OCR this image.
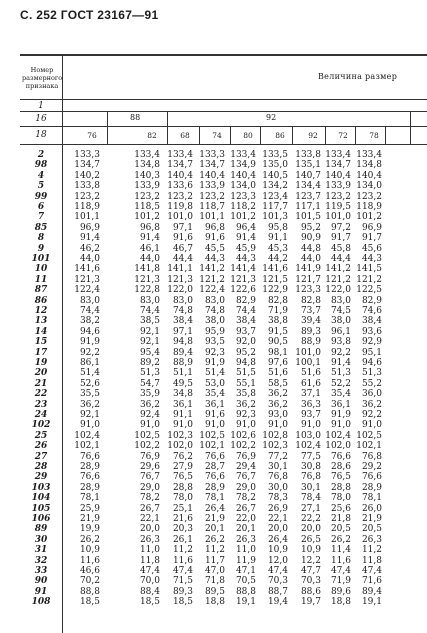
С. 252 ГОСТ 23167—91
Номер
размерного
признака
Величина размер
1
16
18
88	92
76	82	68	74	80	86	92	72	78
2	133,3	133,4 133,4 133,3 133,4 133,5 133,8 133,4 133,4
98	134,7	134,8 134,7 134,7 134,9 135,0 135,1 134,7 134,8
4	140,2	140,3 140,4 140,4 140,4 140,5 140,7 140,4 140,4
5	133,8	133,9 133,6 133,9 134,0 134,2 134,4 133,9 134,0
99	123,2	123,2 123,2 123,2 123,3 123,4 123,7 123,2 123,2
6	118,9	118,5 119,8 118,7 118,2 117,7 117,1 119,5 118,9
7	101,1	101,2 101,0 101,1 101,2 101,3 101,5 101,0 101,2
85	96,9	96,8	97,1	96,8	96,4	95,8	95,2	97,2	96,9
8	91,4	91,4	91,6	91,6	91,4	91,1	90,9	91,7	91,7
9	46,2	46,1	46,7	45,5	45,9	45,3	44,8	45,8	45,6
101	44,0	44,0	44,4	44,3	44,3	44,2	44,0	44,4	44,3
10	141,6	141,8 141,1 141,2 141,4 141,6 141,9 141,2 141,5
11	121,3	121,3 121,3 121,2 121,3 121,5 121,7 121,2 121,2
87	122,4	122,8 122,0 122,4 122,6 122,9 123,3 122,0 122,5
86	83,0	83,0	83,0	83,0	82,9	82,8	82,8	83,0	82,9
12	74,4	74,4	74,8	74,8	74,4	71,9	73,7	74,5	74,6
13	38,2	38,5	38,4	38,0	38,4	38,8	39,4	38,0	38,4
14	94,6	92,1	97,1	95,9	93,7	91,5	89,3	96,1	93,6
15	91,9	92,1	94,8	93,5	92,0	90,5	88,9	93,8	92,9
17	92,2	95,4	89,4	92,3	95,2	98,1 101,0	92,2	95,1
19	86,1	89,2	88,9	91,9	94,8	97,6 100,1	91,4	94,6
20	51,4	51,3	51,1	51,4	51,5	51,6	51,6	51,3	51,3
21	52,6	54,7	49,5	53,0	55,1	58,5	61,6	52,2	55,2
22	35,5	35,9	34,8	35,4	35,8	36,2	37,1	35,4	36,0
23	36,2	36,2	36,1	36,1	36,2	36,2	36,3	36,1	36,2
24	92,1	92,4	91,1	91,6	92,3	93,0	93,7	91,9	92,2
102	91,0	91,0	91,0	91,0	91,0	91,0	91,0	91,0	91,0
25	102,4	102,5 102,3 102,5 102,6 102,8 103,0 102,4 102,5
26	102,1	102,2 102,0 102,1 102,2 102,3 102,4 102,0 102,1
27	76,6	76,9	76,2	76,6	76,9	77,2	77,5	76,6	76,8
28	28,9	29,6	27,9	28,7	29,4	30,1	30,8	28,6	29,2
29	76,6	76,7	76,5	76,6	76,7	76,8	76,8	76,5	76,6
103	28,9	29,0	28,8	28,9	29,0	30,0	30,1	28,8	28,9
104	78,1	78,2	78,0	78,1	78,2	78,3	78,4	78,0	78,1
105	25,9	26,7	25,1	26,4	26,7	26,9	27,1	25,6	26,0
106	21,9	22,1	21,6	21,9	22,0	22,1	22,2	21,8	21,9
89	19,9	20,0	20,3	20,1	20,1	20,0	20,0	20,5	20,5
30	26,2	26,3	26,1	26,2	26,3	26,4	26,5	26,2	26,3
31	10,9	11,0	11,2	11,2	11,0	10,9	10,9	11,4	11,2
32	11,6	11,8	11,6	11,7	11,9	12,0	12,2	11,6	11,8
33	46,6	47,4	47,4	47,0	47,1	47,4	47,7	47,4	47,4
90	70,2	70,0	71,5	71,8	70,5	70,3	70,3	71,9	71,6
91	88,8	88,4	89,3	89,5	88,8	88,7	88,6	89,6	89,4
108	18,5	18,5	18,5	18,8	19,1	19,4	19,7	18,8	19,1
